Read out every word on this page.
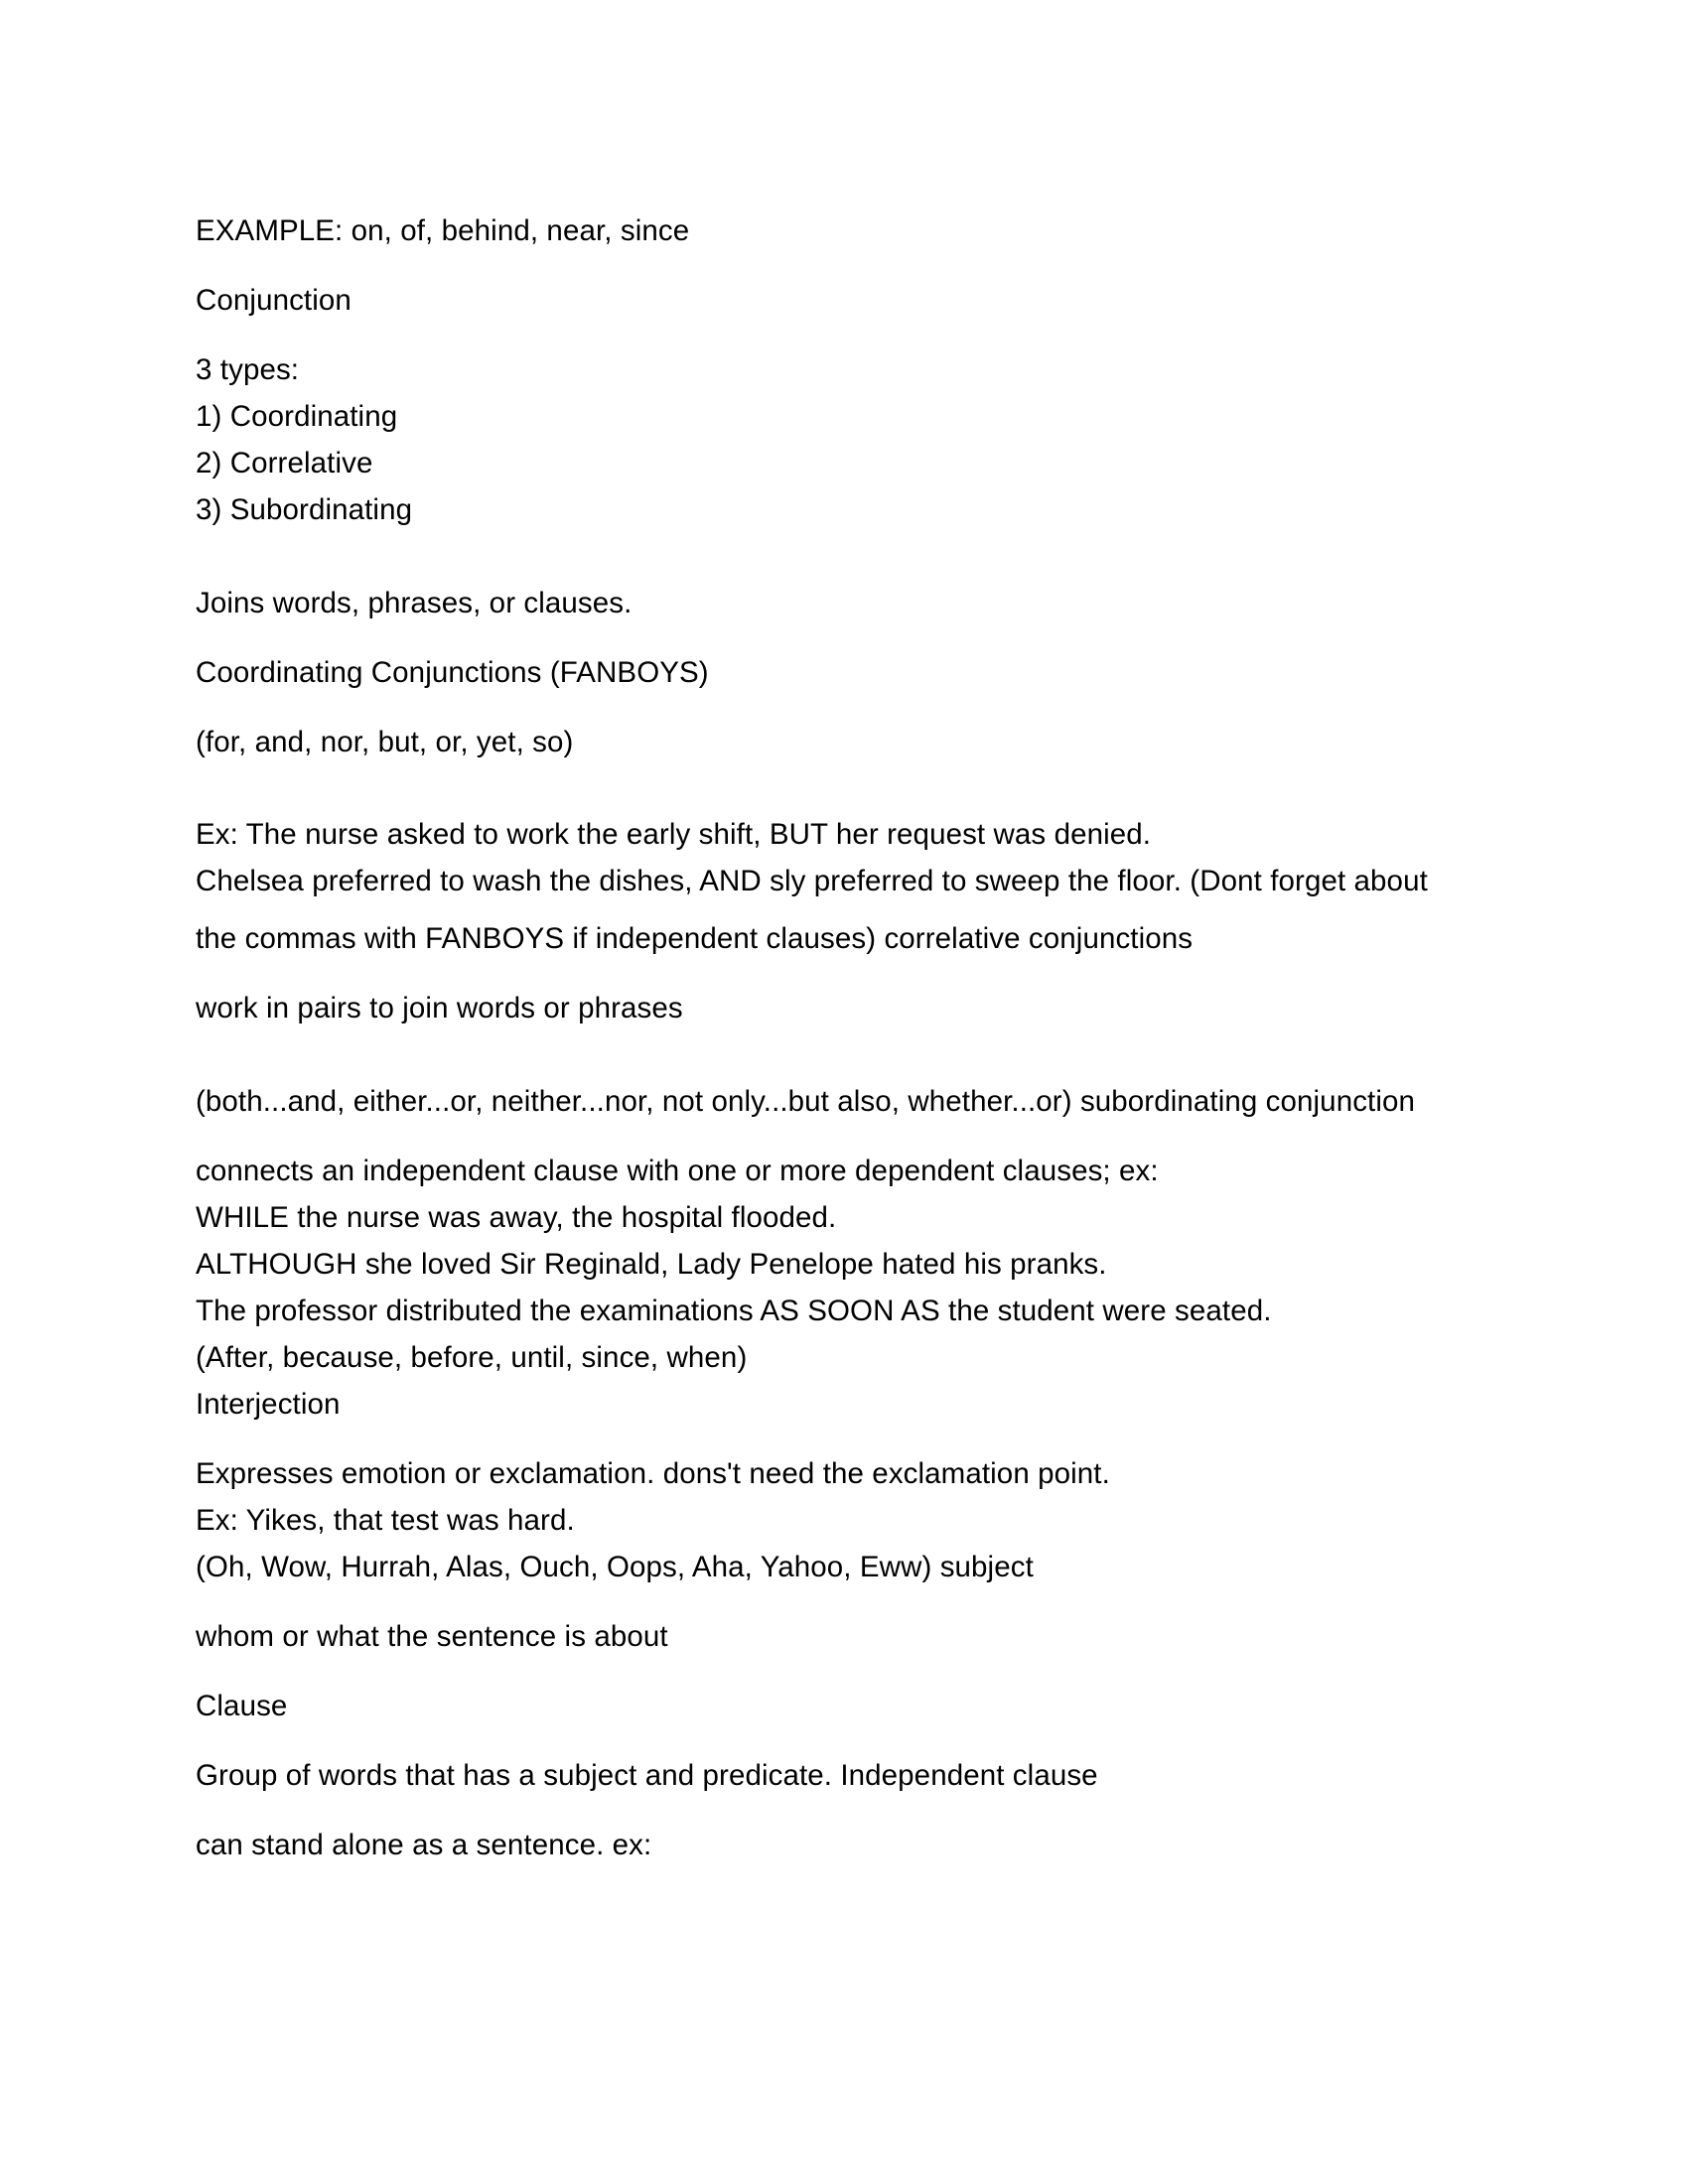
EXAMPLE: on, of, behind, near, since
Conjunction
3 types:
1) Coordinating
2) Correlative
3) Subordinating
Joins words, phrases, or clauses.
Coordinating Conjunctions (FANBOYS)
(for, and, nor, but, or, yet, so)
Ex: The nurse asked to work the early shift, BUT her request was denied.
Chelsea preferred to wash the dishes, AND sly preferred to sweep the floor. (Dont forget about
the commas with FANBOYS if independent clauses) correlative conjunctions
work in pairs to join words or phrases
(both...and, either...or, neither...nor, not only...but also, whether...or) subordinating conjunction
connects an independent clause with one or more dependent clauses; ex:
WHILE the nurse was away, the hospital flooded.
ALTHOUGH she loved Sir Reginald, Lady Penelope hated his pranks.
The professor distributed the examinations AS SOON AS the student were seated.
(After, because, before, until, since, when)
Interjection
Expresses emotion or exclamation. dons't need the exclamation point.
Ex: Yikes, that test was hard.
(Oh, Wow, Hurrah, Alas, Ouch, Oops, Aha, Yahoo, Eww) subject
whom or what the sentence is about
Clause
Group of words that has a subject and predicate. Independent clause
can stand alone as a sentence. ex:
